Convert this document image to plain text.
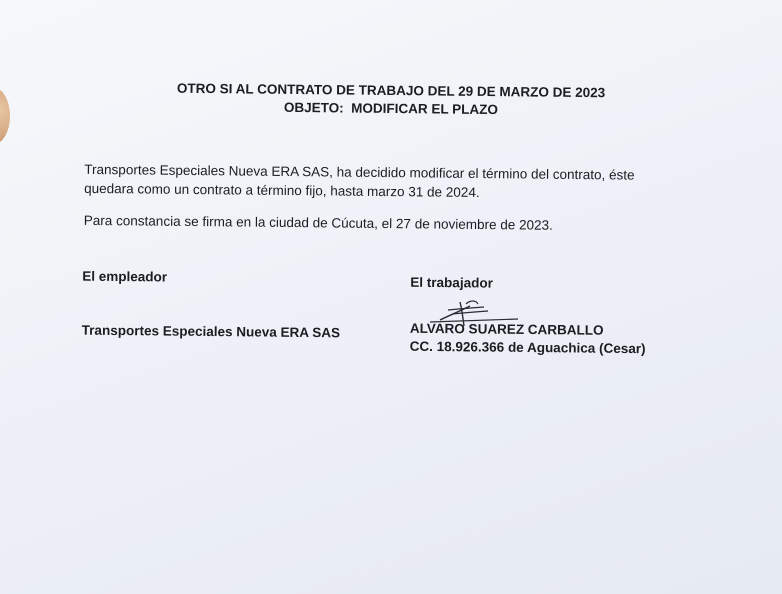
OTRO SI AL CONTRATO DE TRABAJO DEL 29 DE MARZO DE 2023
OBJETO:  MODIFICAR EL PLAZO

Transportes Especiales Nueva ERA SAS, ha decidido modificar el término del contrato, éste quedara como un contrato a término fijo, hasta marzo 31 de 2024.

Para constancia se firma en la ciudad de Cúcuta, el 27 de noviembre de 2023.

El empleador
Transportes Especiales Nueva ERA SAS
El trabajador
ALVARO SUAREZ CARBALLO
CC. 18.926.366 de Aguachica (Cesar)
